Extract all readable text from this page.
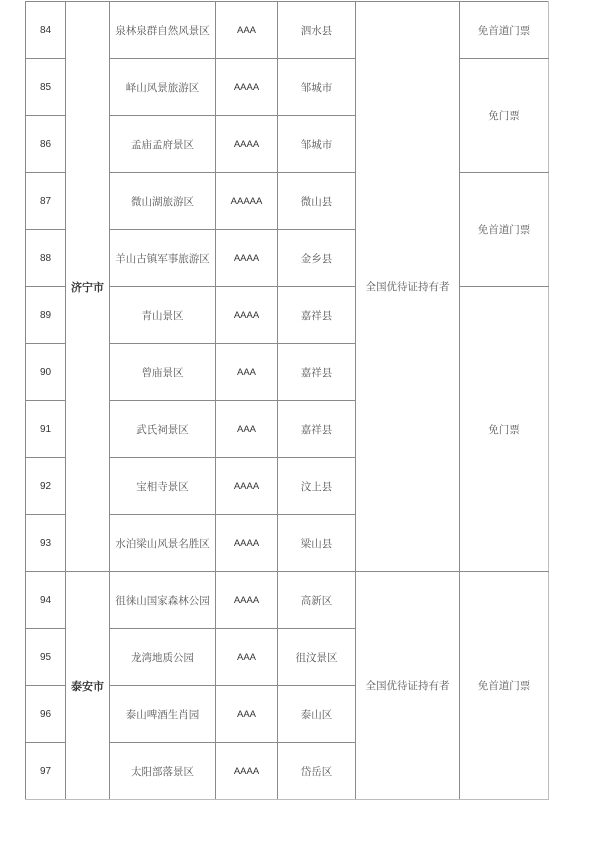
84	济宁市	泉林泉群自然风景区	AAA	泗水县	全国优待证持有者	免首道门票
85		峄山风景旅游区	AAAA	邹城市		免门票
86		孟庙孟府景区	AAAA	邹城市		
87		微山湖旅游区	AAAAA	微山县		免首道门票
88		羊山古镇军事旅游区	AAAA	金乡县		
89		青山景区	AAAA	嘉祥县		免门票
90		曾庙景区	AAA	嘉祥县		
91		武氏祠景区	AAA	嘉祥县		
92		宝相寺景区	AAAA	汶上县		
93		水泊梁山风景名胜区	AAAA	梁山县		
94	泰安市	徂徕山国家森林公园	AAAA	高新区	全国优待证持有者	免首道门票
95		龙湾地质公园	AAA	徂汶景区		
96		泰山啤酒生肖园	AAA	泰山区		
97		太阳部落景区	AAAA	岱岳区		
